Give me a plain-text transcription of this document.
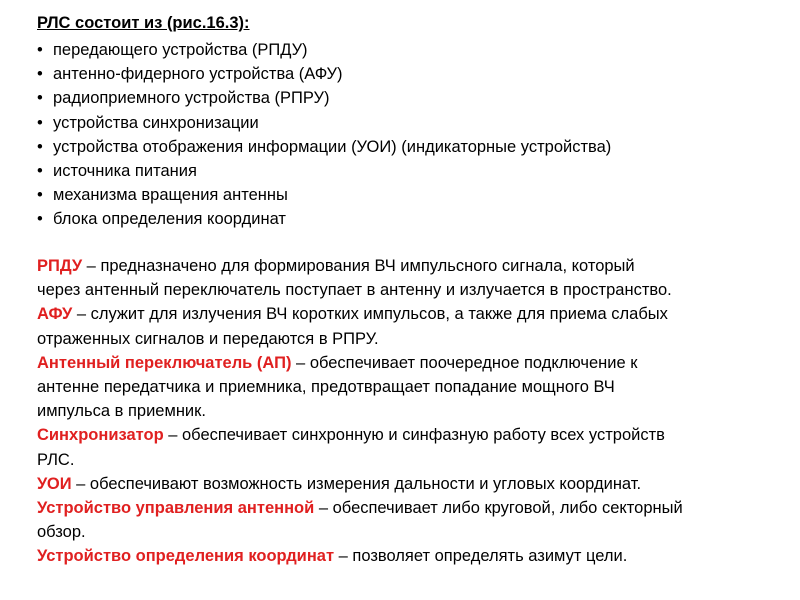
РЛС состоит из (рис.16.3):
• передающего устройства (РПДУ)
• антенно-фидерного устройства (АФУ)
• радиоприемного устройства (РПРУ)
• устройства синхронизации
• устройства отображения информации (УОИ) (индикаторные устройства)
• источника питания
• механизма вращения антенны
• блока определения координат
РПДУ – предназначено для формирования ВЧ импульсного сигнала, который
через антенный переключатель поступает в антенну и излучается в пространство.
АФУ – служит для излучения ВЧ коротких импульсов, а также для приема слабых
отраженных сигналов и передаются в РПРУ.
Антенный переключатель (АП) – обеспечивает поочередное подключение к
антенне передатчика и приемника, предотвращает попадание мощного ВЧ
импульса в приемник.
Синхронизатор – обеспечивает синхронную и синфазную работу всех устройств
РЛС.
УОИ – обеспечивают возможность измерения дальности и угловых координат.
Устройство управления антенной – обеспечивает либо круговой, либо секторный
обзор.
Устройство определения координат – позволяет определять азимут цели.
